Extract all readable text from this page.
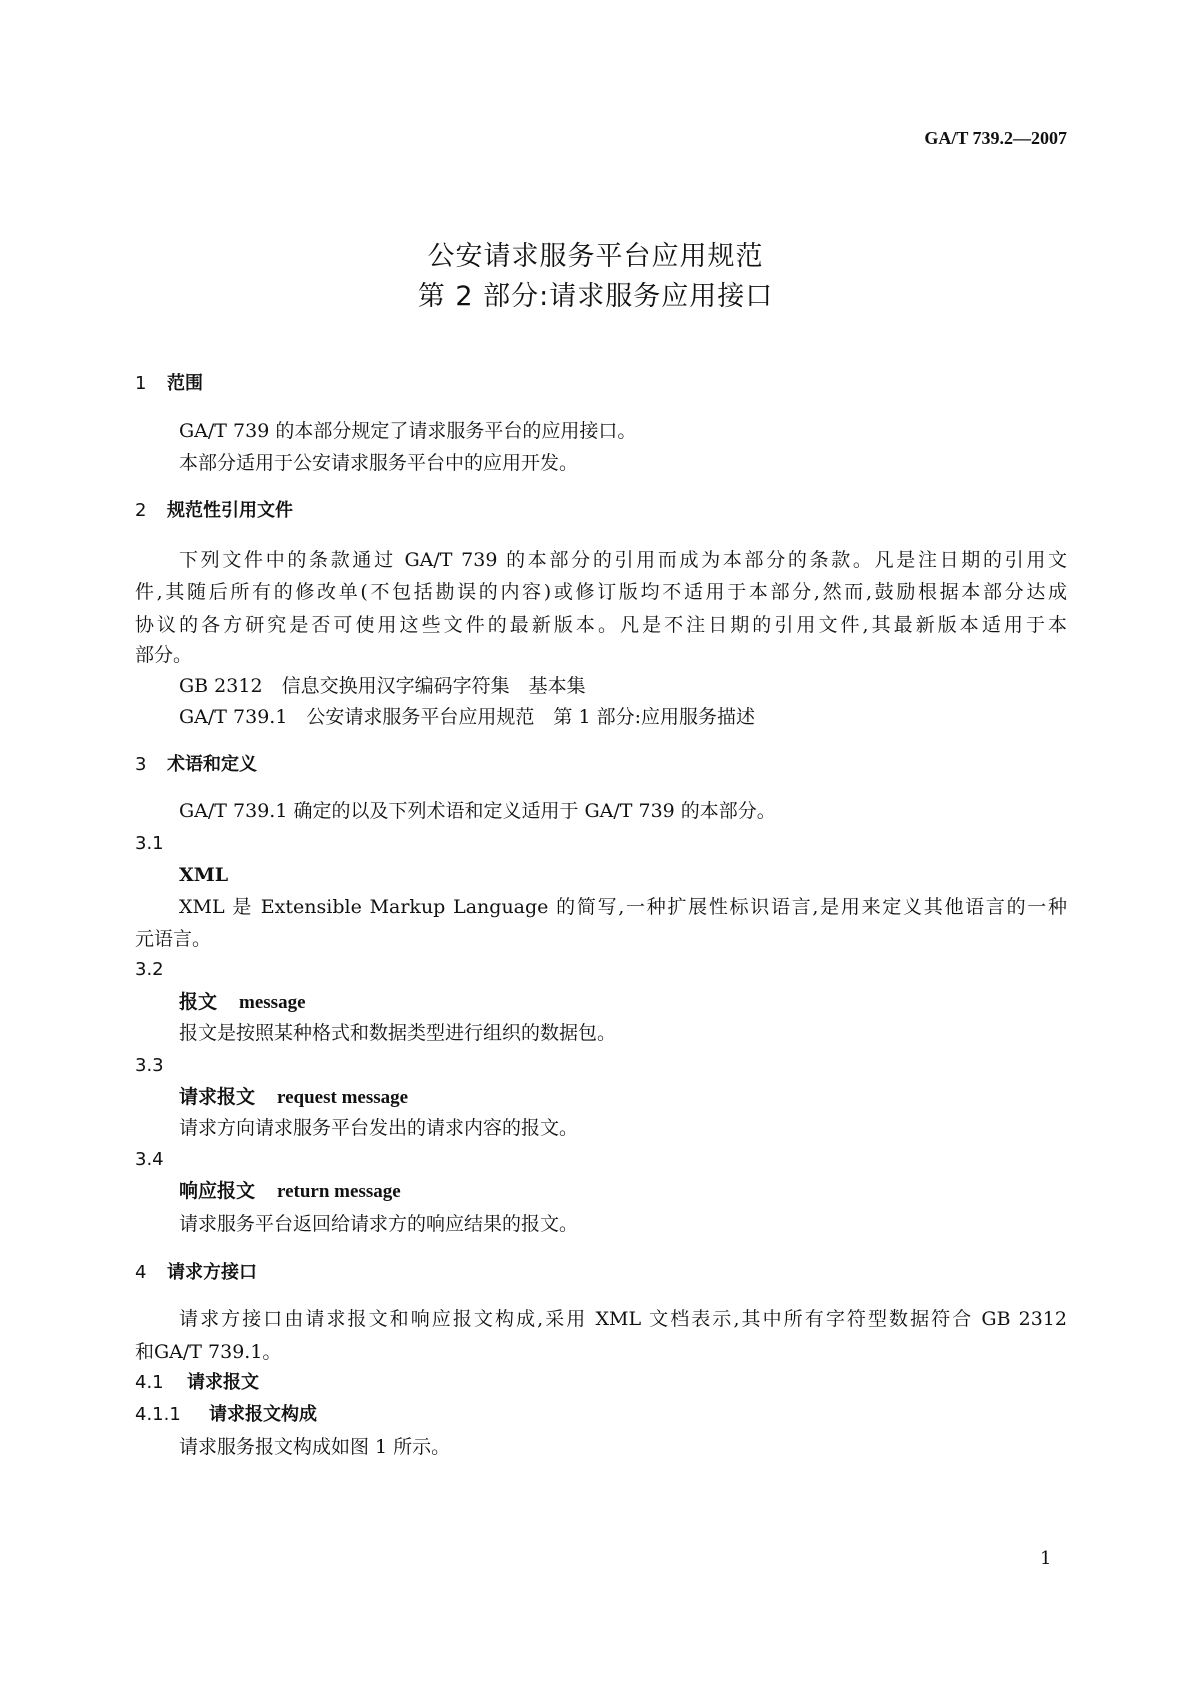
GA/T 739.2—2007
公安请求服务平台应用规范
第 2 部分:请求服务应用接口
1 范围
GA/T 739 的本部分规定了请求服务平台的应用接口。
本部分适用于公安请求服务平台中的应用开发。
2 规范性引用文件
下列文件中的条款通过 GA/T 739 的本部分的引用而成为本部分的条款。凡是注日期的引用文
件,其随后所有的修改单(不包括勘误的内容)或修订版均不适用于本部分,然而,鼓励根据本部分达成
协议的各方研究是否可使用这些文件的最新版本。凡是不注日期的引用文件,其最新版本适用于本
部分。
GB 2312　 信息交换用汉字编码字符集　基本集
GA/T 739.1　 公安请求服务平台应用规范　第 1 部分:应用服务描述
3 术语和定义
GA/T 739.1 确定的以及下列术语和定义适用于 GA/T 739 的本部分。
3.1
XML
XML 是 Extensible Markup Language 的简写,一种扩展性标识语言,是用来定义其他语言的一种
元语言。
3.2
报文 message
报文是按照某种格式和数据类型进行组织的数据包。
3.3
请求报文 request message
请求方向请求服务平台发出的请求内容的报文。
3.4
响应报文 return message
请求服务平台返回给请求方的响应结果的报文。
4 请求方接口
请求方接口由请求报文和响应报文构成,采用 XML 文档表示,其中所有字符型数据符合 GB 2312
和GA/T 739.1。
4.1 请求报文
4.1.1 请求报文构成
请求服务报文构成如图 1 所示。
1
